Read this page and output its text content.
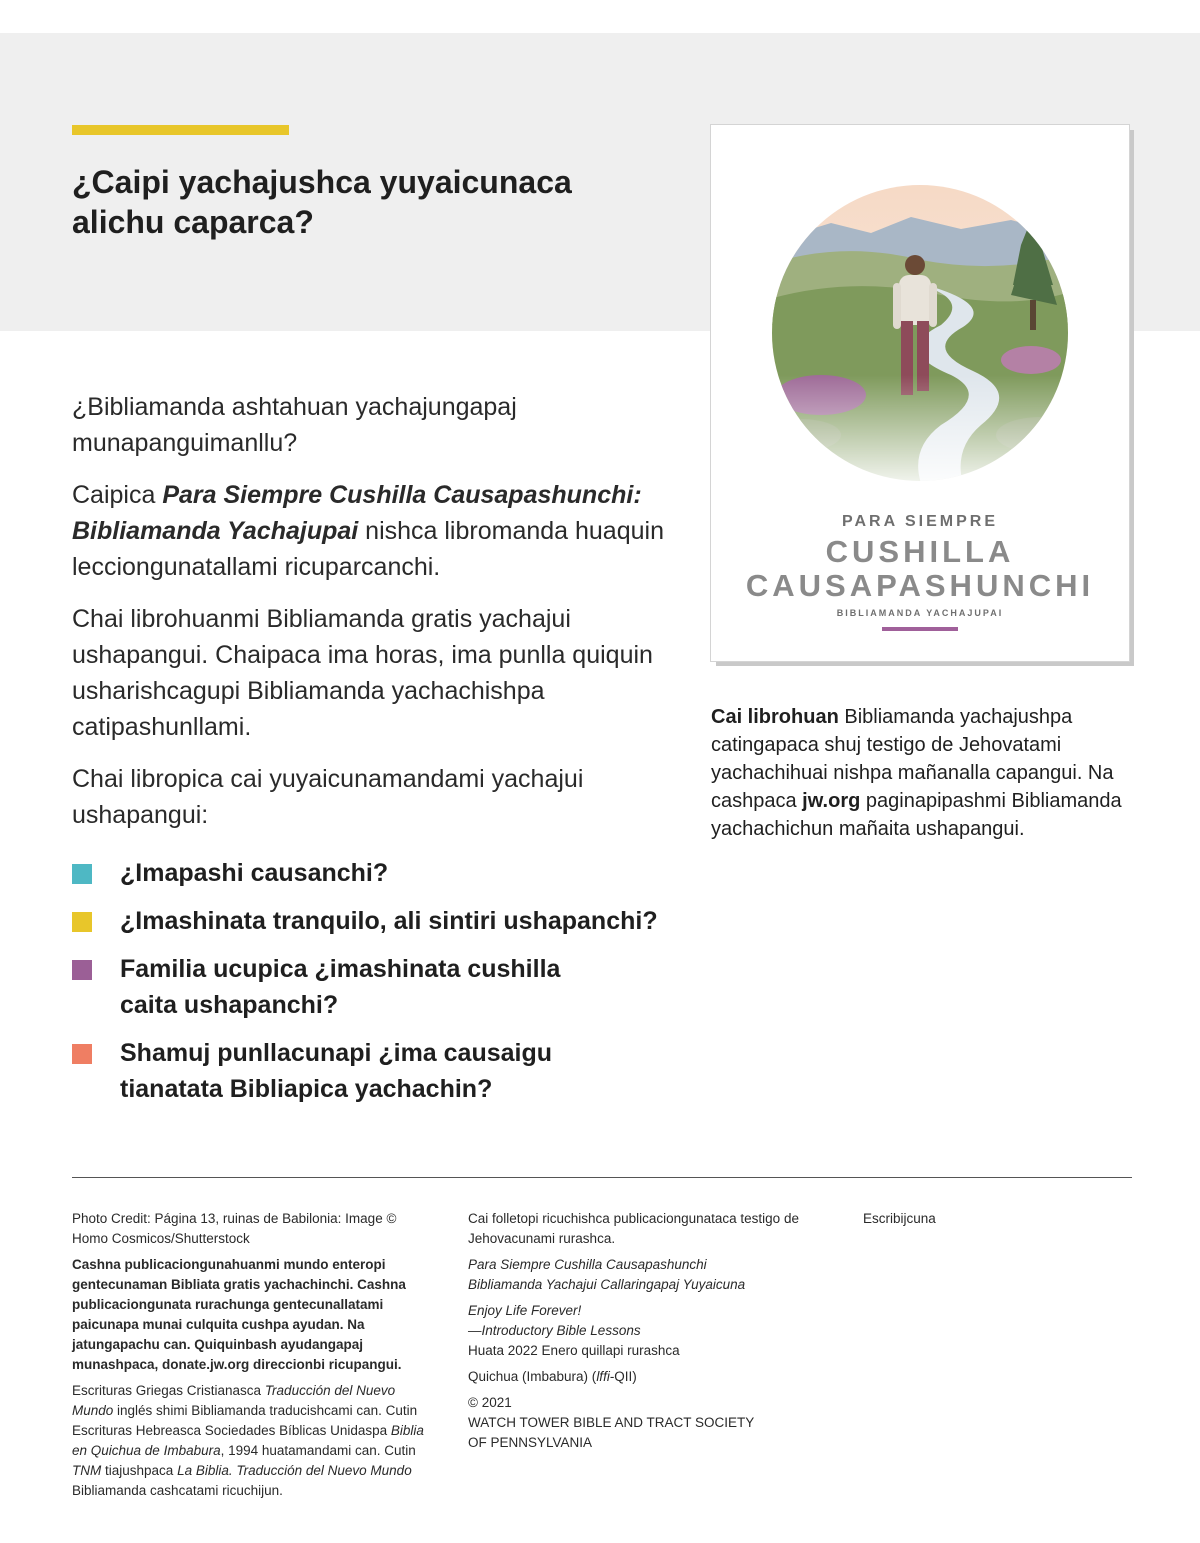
¿Caipi yachajushca yuyaicunaca
alichu caparca?

¿Bibliamanda ashtahuan yachajungapaj munapanguimanllu?

Caipica Para Siempre Cushilla Causapashunchi: Bibliamanda Yachajupai nishca libromanda huaquin lecciongunatallami ricuparcanchi.

Chai librohuanmi Bibliamanda gratis yachajui ushapangui. Chaipaca ima horas, ima punlla quiquin usharishcagupi Bibliamanda yachachishpa catipashunllami.

Chai libropica cai yuyaicunamandami yachajui ushapangui:

¿Imapashi causanchi?
¿Imashinata tranquilo, ali sintiri ushapanchi?
Familia ucupica ¿imashinata cushilla caita ushapanchi?
Shamuj punllacunapi ¿ima causaigu tianatata Bibliapica yachachin?
PARA SIEMPRE
CUSHILLA
CAUSAPASHUNCHI
BIBLIAMANDA YACHAJUPAI
Cai librohuan Bibliamanda yachajushpa catingapaca shuj testigo de Jehovatami yachachihuai nishpa mañanalla capangui. Na cashpaca jw.org paginapipashmi Bibliamanda yachachichun mañaita ushapangui.

Photo Credit: Página 13, ruinas de Babilonia: Image © Homo Cosmicos/Shutterstock

Cashna publicaciongunahuanmi mundo enteropi gentecunaman Bibliata gratis yachachinchi. Cashna publicaciongunata rurachunga gentecunallatami paicunapa munai culquita cushpa ayudan. Na jatungapachu can. Quiquinbash ayudangapaj munashpaca, donate.jw.org direccionbi ricupangui.

Escrituras Griegas Cristianasca Traducción del Nuevo Mundo inglés shimi Bibliamanda traducishcami can. Cutin Escrituras Hebreasca Sociedades Bíblicas Unidaspa Biblia en Quichua de Imbabura, 1994 huatamandami can. Cutin TNM tiajushpaca La Biblia. Traducción del Nuevo Mundo Bibliamanda cashcatami ricuchijun.

Cai folletopi ricuchishca publicaciongunataca testigo de Jehovacunami rurashca.

Para Siempre Cushilla Causapashunchi
Bibliamanda Yachajui Callaringapaj Yuyaicuna

Enjoy Life Forever!
—Introductory Bible Lessons

Huata 2022 Enero quillapi rurashca

Quichua (Imbabura) (lffi-QII)

© 2021
WATCH TOWER BIBLE AND TRACT SOCIETY
OF PENNSYLVANIA

Escribijcuna
